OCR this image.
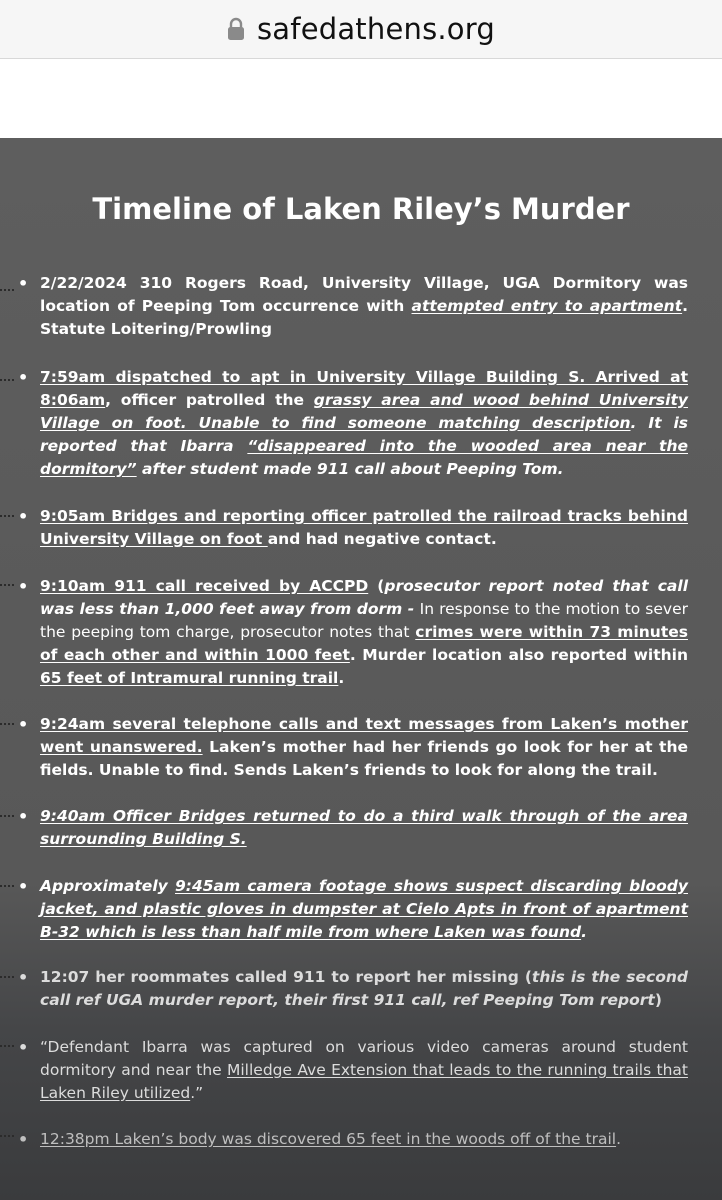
safedathens.org
Timeline of Laken Riley’s Murder
• 2/22/2024 310 Rogers Road, University Village, UGA Dormitory was location of Peeping Tom occurrence with attempted entry to apartment. Statute Loitering/Prowling
• 7:59am dispatched to apt in University Village Building S. Arrived at 8:06am, officer patrolled the grassy area and wood behind University Village on foot. Unable to find someone matching description. It is reported that Ibarra “disappeared into the wooded area near the dormitory” after student made 911 call about Peeping Tom.
• 9:05am Bridges and reporting officer patrolled the railroad tracks behind University Village on foot and had negative contact.
• 9:10am 911 call received by ACCPD (prosecutor report noted that call was less than 1,000 feet away from dorm - In response to the motion to sever the peeping tom charge, prosecutor notes that crimes were within 73 minutes of each other and within 1000 feet. Murder location also reported within 65 feet of Intramural running trail.
• 9:24am several telephone calls and text messages from Laken’s mother went unanswered. Laken’s mother had her friends go look for her at the fields. Unable to find. Sends Laken’s friends to look for along the trail.
• 9:40am Officer Bridges returned to do a third walk through of the area surrounding Building S.
• Approximately 9:45am camera footage shows suspect discarding bloody jacket, and plastic gloves in dumpster at Cielo Apts in front of apartment B-32 which is less than half mile from where Laken was found.
• 12:07 her roommates called 911 to report her missing (this is the second call ref UGA murder report, their first 911 call, ref Peeping Tom report)
• “Defendant Ibarra was captured on various video cameras around student dormitory and near the Milledge Ave Extension that leads to the running trails that Laken Riley utilized.”
• 12:38pm Laken’s body was discovered 65 feet in the woods off of the trail.
